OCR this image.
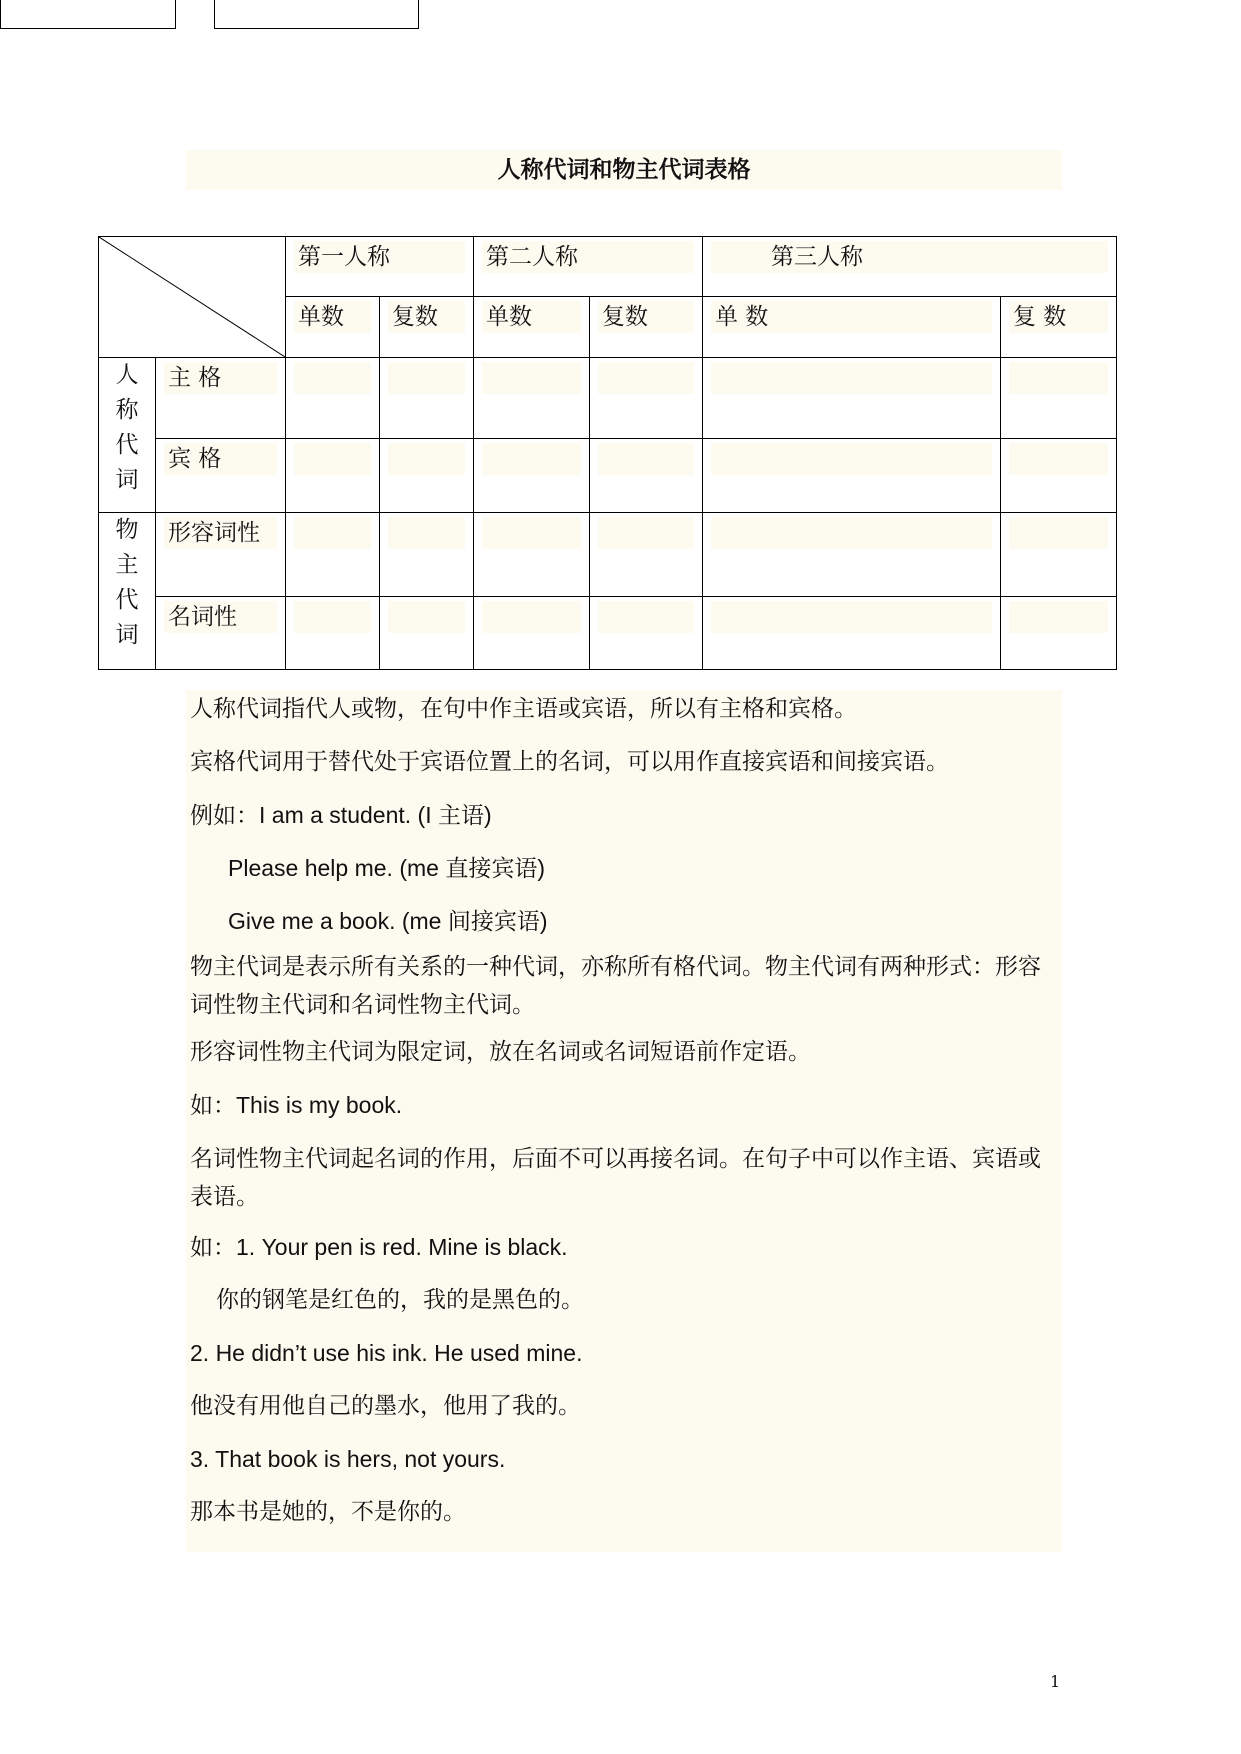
人称代词和物主代词表格

第一人称		第二人称		第三人称	

		单数	复数	单数	复数	单 数	复 数

人
称
代
词	主 格						

	宾 格						

物
主
代
词	形容词性						

	名词性						

人称代词指代人或物，在句中作主语或宾语，所以有主格和宾格。
宾格代词用于替代处于宾语位置上的名词，可以用作直接宾语和间接宾语。
例如：I am a student. (I 主语)
Please help me. (me 直接宾语)
Give me a book. (me 间接宾语)
物主代词是表示所有关系的一种代词，亦称所有格代词。物主代词有两种形式：形容词性物主代词和名词性物主代词。
形容词性物主代词为限定词，放在名词或名词短语前作定语。
如：This is my book.
名词性物主代词起名词的作用，后面不可以再接名词。在句子中可以作主语、宾语或表语。
如：1. Your pen is red. Mine is black.
你的钢笔是红色的，我的是黑色的。
2. He didn’t use his ink. He used mine.
他没有用他自己的墨水，他用了我的。
3. That book is hers, not yours.
那本书是她的，不是你的。
1
